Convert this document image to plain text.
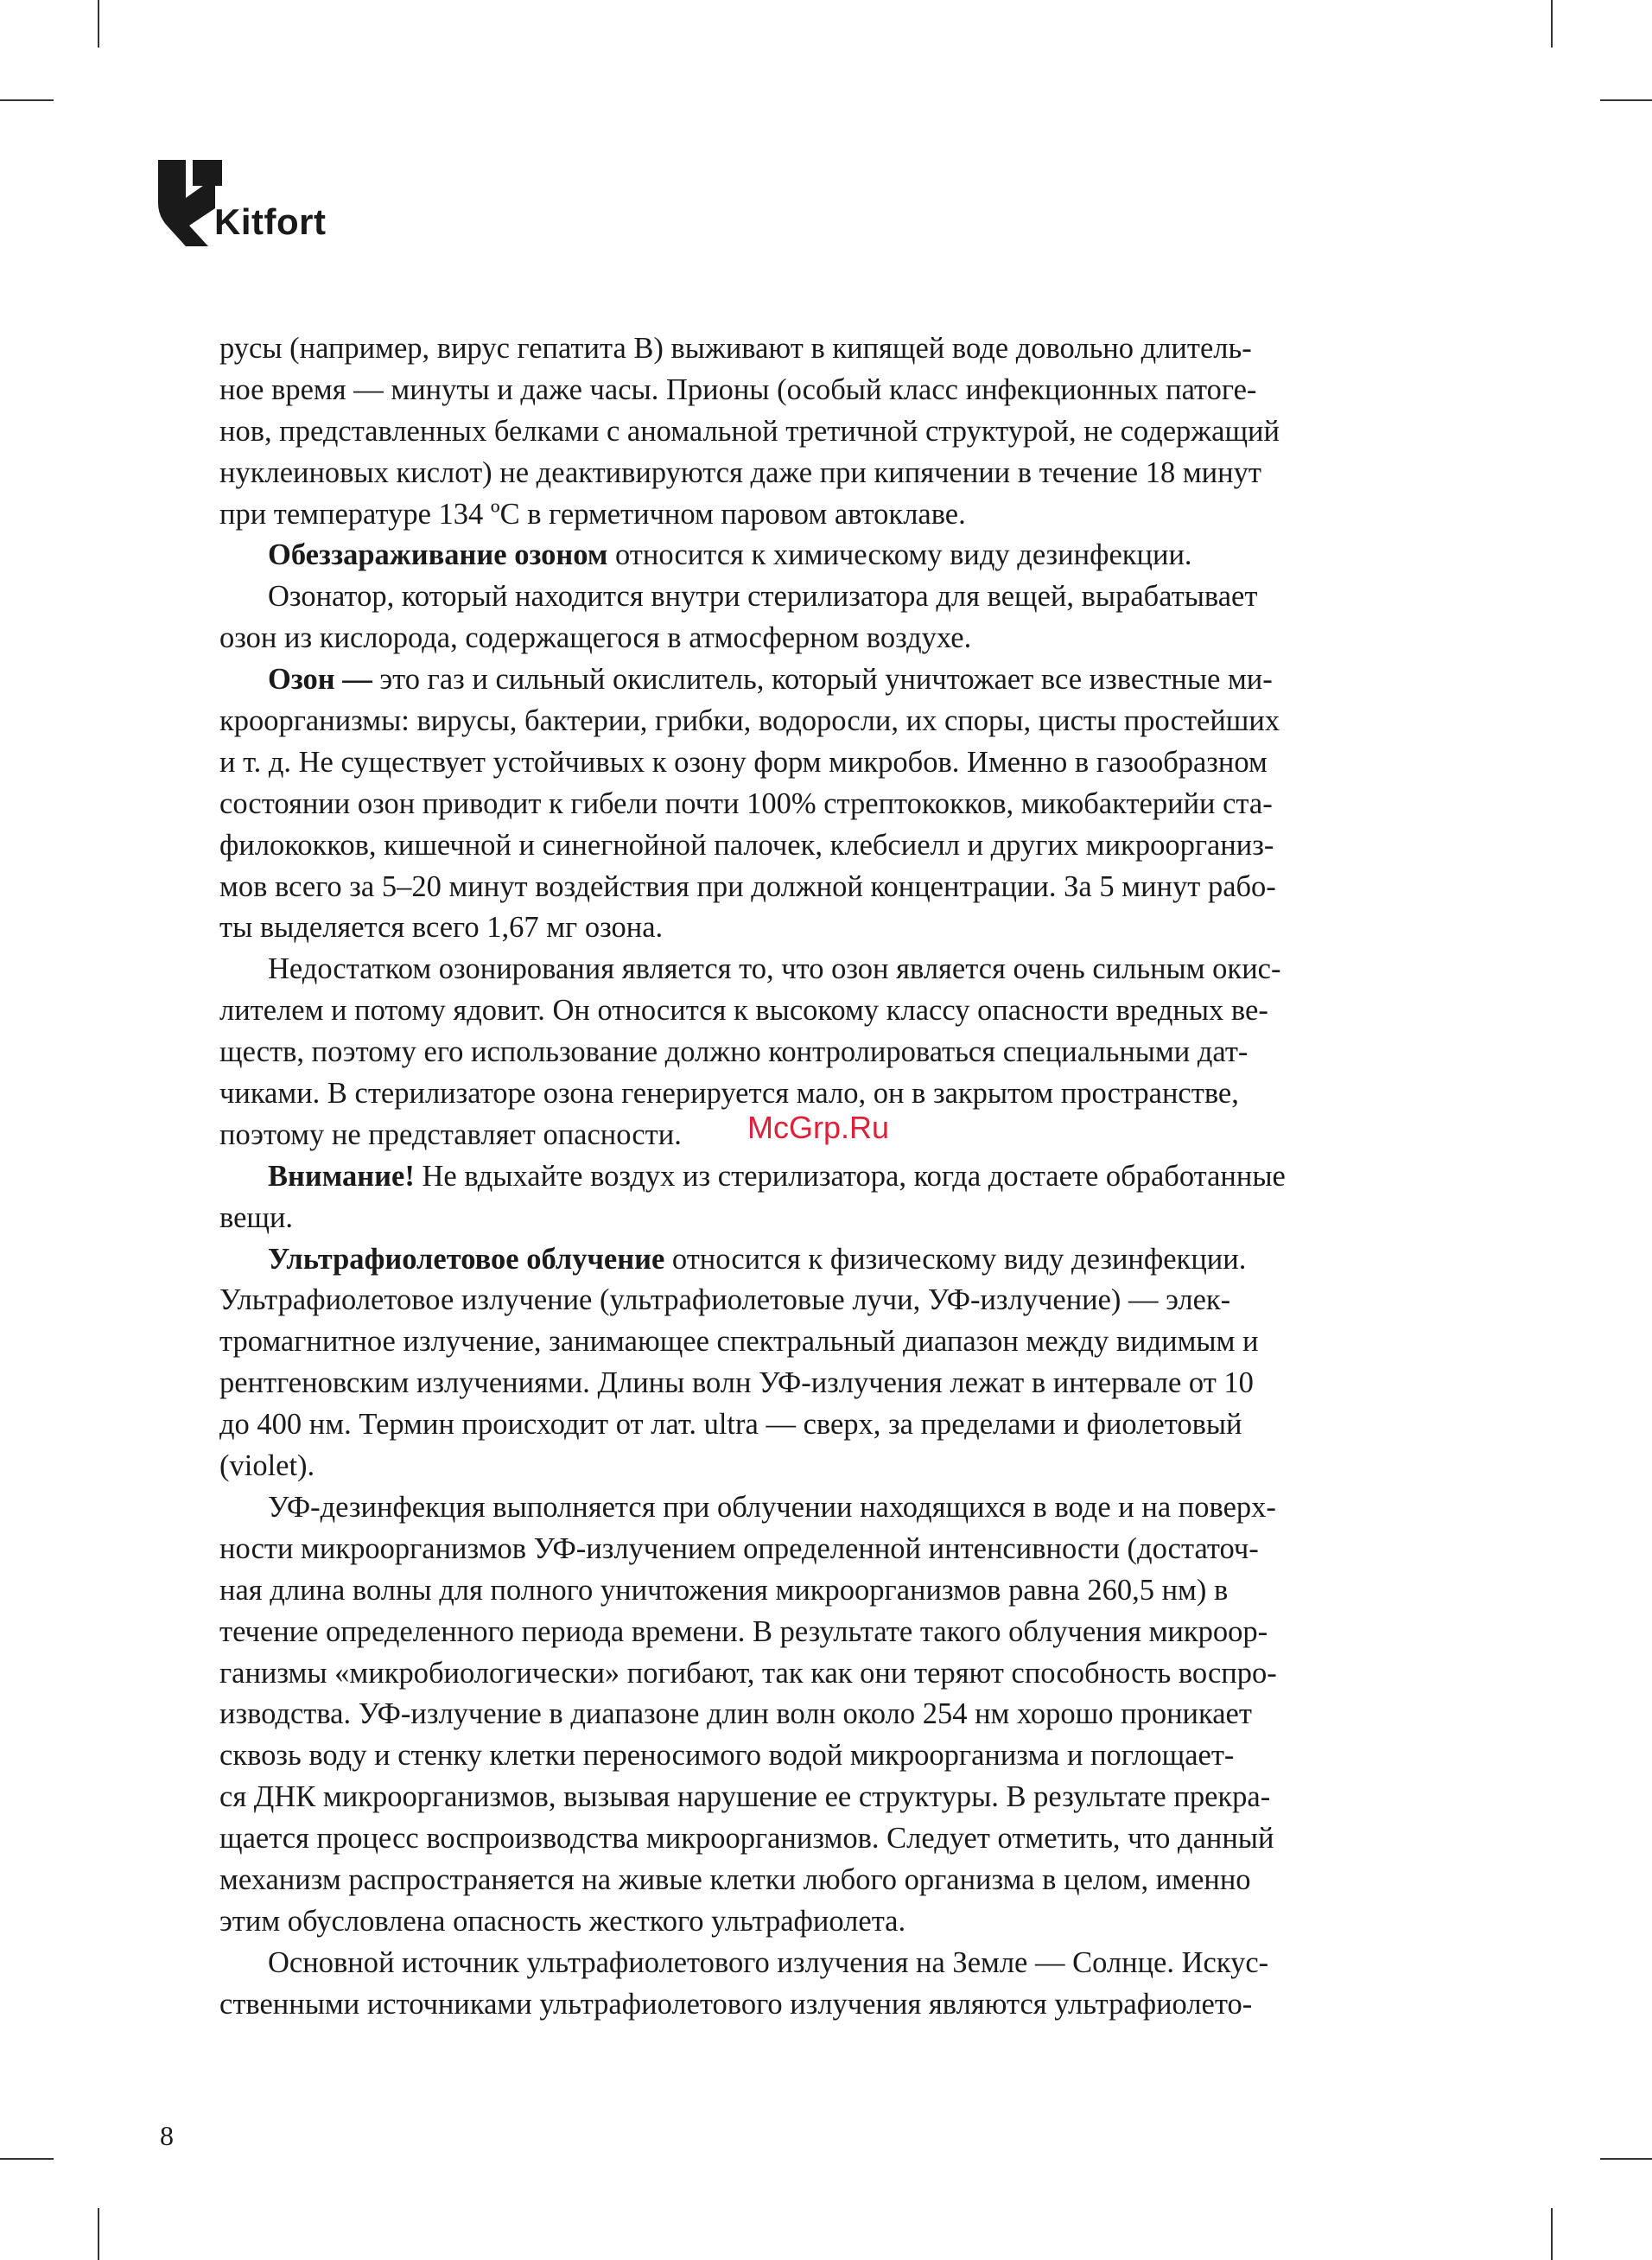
Kitfort
русы (например, вирус гепатита В) выживают в кипящей воде довольно длитель-
ное время — минуты и даже часы. Прионы (особый класс инфекционных патоге-
нов, представленных белками с аномальной третичной структурой, не содержащий
нуклеиновых кислот) не деактивируются даже при кипячении в течение 18 минут
при температуре 134 ºС в герметичном паровом автоклаве.
Обеззараживание озоном относится к химическому виду дезинфекции.
Озонатор, который находится внутри стерилизатора для вещей, вырабатывает
озон из кислорода, содержащегося в атмосферном воздухе.
Озон — это газ и сильный окислитель, который уничтожает все известные ми-
кроорганизмы: вирусы, бактерии, грибки, водоросли, их споры, цисты простейших
и т. д. Не существует устойчивых к озону форм микробов. Именно в газообразном
состоянии озон приводит к гибели почти 100% стрептококков, микобактерийи ста-
филококков, кишечной и синегнойной палочек, клебсиелл и других микроорганиз-
мов всего за 5–20 минут воздействия при должной концентрации. За 5 минут рабо-
ты выделяется всего 1,67 мг озона.
Недостатком озонирования является то, что озон является очень сильным окис-
лителем и потому ядовит. Он относится к высокому классу опасности вредных ве-
ществ, поэтому его использование должно контролироваться специальными дат-
чиками. В стерилизаторе озона генерируется мало, он в закрытом пространстве,
поэтому не представляет опасности.
Внимание! Не вдыхайте воздух из стерилизатора, когда достаете обработанные
вещи.
Ультрафиолетовое облучение относится к физическому виду дезинфекции.
Ультрафиолетовое излучение (ультрафиолетовые лучи, УФ-излучение) — элек-
тромагнитное излучение, занимающее спектральный диапазон между видимым и
рентгеновским излучениями. Длины волн УФ-излучения лежат в интервале от 10
до 400 нм. Термин происходит от лат. ultra — сверх, за пределами и фиолетовый
(violet).
УФ-дезинфекция выполняется при облучении находящихся в воде и на поверх-
ности микроорганизмов УФ-излучением определенной интенсивности (достаточ-
ная длина волны для полного уничтожения микроорганизмов равна 260,5 нм) в
течение определенного периода времени. В результате такого облучения микроор-
ганизмы «микробиологически» погибают, так как они теряют способность воспро-
изводства. УФ-излучение в диапазоне длин волн около 254 нм хорошо проникает
сквозь воду и стенку клетки переносимого водой микроорганизма и поглощает-
ся ДНК микроорганизмов, вызывая нарушение ее структуры. В результате прекра-
щается процесс воспроизводства микроорганизмов. Следует отметить, что данный
механизм распространяется на живые клетки любого организма в целом, именно
этим обусловлена опасность жесткого ультрафиолета.
Основной источник ультрафиолетового излучения на Земле — Солнце. Искус-
ственными источниками ультрафиолетового излучения являются ультрафиолето-
McGrp.Ru
8
